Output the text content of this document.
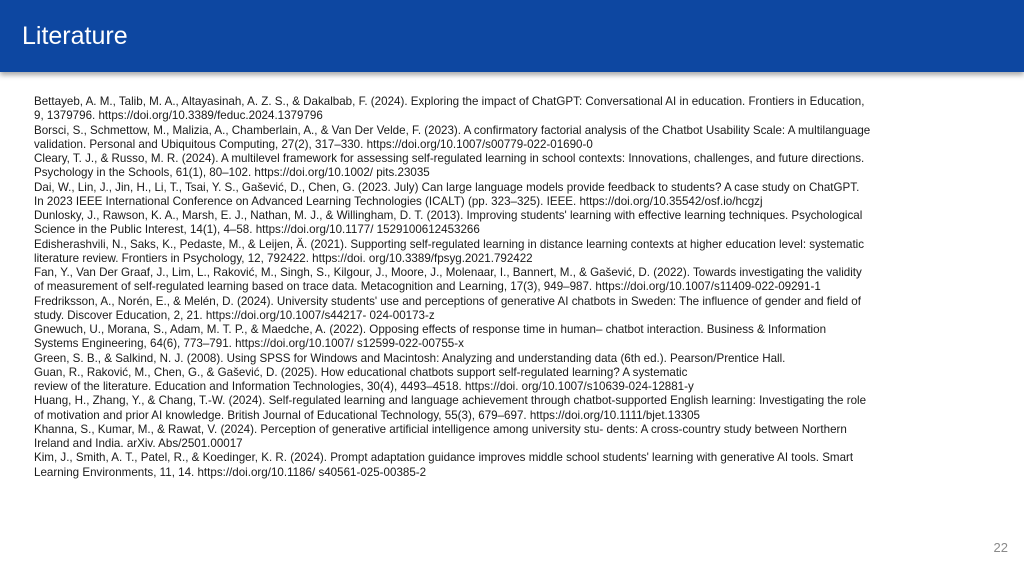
Literature
Bettayeb, A. M., Talib, M. A., Altayasinah, A. Z. S., & Dakalbab, F. (2024). Exploring the impact of ChatGPT: Conversational AI in education. Frontiers in Education,
9, 1379796. https://doi.org/10.3389/feduc.2024.1379796
Borsci, S., Schmettow, M., Malizia, A., Chamberlain, A., & Van Der Velde, F. (2023). A confirmatory factorial analysis of the Chatbot Usability Scale: A multilanguage
validation. Personal and Ubiquitous Computing, 27(2), 317–330. https://doi.org/10.1007/s00779-022-01690-0
Cleary, T. J., & Russo, M. R. (2024). A multilevel framework for assessing self‐regulated learning in school contexts: Innovations, challenges, and future directions.
Psychology in the Schools, 61(1), 80–102. https://doi.org/10.1002/ pits.23035
Dai, W., Lin, J., Jin, H., Li, T., Tsai, Y. S., Gašević, D., Chen, G. (2023. July) Can large language models provide feedback to students? A case study on ChatGPT.
In 2023 IEEE International Conference on Advanced Learning Technologies (ICALT) (pp. 323–325). IEEE. https://doi.org/10.35542/osf.io/hcgzj
Dunlosky, J., Rawson, K. A., Marsh, E. J., Nathan, M. J., & Willingham, D. T. (2013). Improving students' learning with effective learning techniques. Psychological
Science in the Public Interest, 14(1), 4–58. https://doi.org/10.1177/ 1529100612453266
Edisherashvili, N., Saks, K., Pedaste, M., & Leijen, Ä. (2021). Supporting self-regulated learning in distance learning contexts at higher education level: systematic
literature review. Frontiers in Psychology, 12, 792422. https://doi. org/10.3389/fpsyg.2021.792422
Fan, Y., Van Der Graaf, J., Lim, L., Raković, M., Singh, S., Kilgour, J., Moore, J., Molenaar, I., Bannert, M., & Gašević, D. (2022). Towards investigating the validity
of measurement of self-regulated learning based on trace data. Metacognition and Learning, 17(3), 949–987. https://doi.org/10.1007/s11409-022-09291-1
Fredriksson, A., Norén, E., & Melén, D. (2024). University students' use and perceptions of generative AI chatbots in Sweden: The influence of gender and field of
study. Discover Education, 2, 21. https://doi.org/10.1007/s44217- 024-00173-z
Gnewuch, U., Morana, S., Adam, M. T. P., & Maedche, A. (2022). Opposing effects of response time in human– chatbot interaction. Business & Information
Systems Engineering, 64(6), 773–791. https://doi.org/10.1007/ s12599-022-00755-x
Green, S. B., & Salkind, N. J. (2008). Using SPSS for Windows and Macintosh: Analyzing and understanding data (6th ed.). Pearson/Prentice Hall.
Guan, R., Raković, M., Chen, G., & Gašević, D. (2025). How educational chatbots support self-regulated learning? A systematic
review of the literature. Education and Information Technologies, 30(4), 4493–4518. https://doi. org/10.1007/s10639-024-12881-y
Huang, H., Zhang, Y., & Chang, T.-W. (2024). Self-regulated learning and language achievement through chatbot-supported English learning: Investigating the role
of motivation and prior AI knowledge. British Journal of Educational Technology, 55(3), 679–697. https://doi.org/10.1111/bjet.13305
Khanna, S., Kumar, M., & Rawat, V. (2024). Perception of generative artificial intelligence among university stu- dents: A cross-country study between Northern
Ireland and India. arXiv. Abs/2501.00017
Kim, J., Smith, A. T., Patel, R., & Koedinger, K. R. (2024). Prompt adaptation guidance improves middle school students' learning with generative AI tools. Smart
Learning Environments, 11, 14. https://doi.org/10.1186/ s40561-025-00385-2
22
